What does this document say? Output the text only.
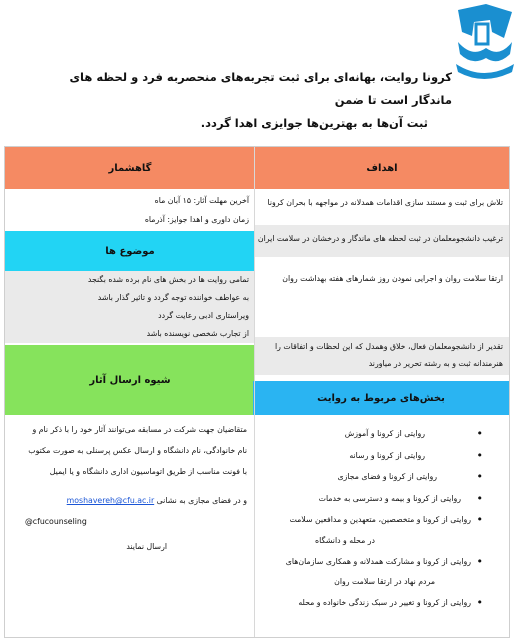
کرونا روایت، بهانه‌ای برای ثبت تجربه‌های منحصربه فرد و لحظه های ماندگار است تا ضمن
ثبت آن‌ها به بهترین‌ها جوایزی اهدا گردد.
اهداف
گاهشمار
تلاش برای ثبت و مستند سازی اقدامات همدلانه در مواجهه با بحران کرونا
ترغیب دانشجومعلمان در ثبت لحظه های ماندگار و درخشان در سلامت ایران
ارتقا سلامت روان و اجرایی نمودن روز شمارهای هفته بهداشت روان
تقدیر از دانشجومعلمان فعال، خلاق وهمدل که این لحظات و اتفاقات را
هنرمندانه ثبت و به رشته تحریر در میاورند
آخرین مهلت آثار: ۱۵ آبان ماه
زمان داوری و اهدا جوایز: آذرماه
موضوع ها
تمامی روایت ها در بخش های نام برده شده بگنجد
به عواطف خواننده توجه گردد و تاثیر گذار باشد
ویراستاری ادبی رعایت گردد
از تجارب شخصی نویسنده باشد
شیوه ارسال آثار
بخش‌های مربوط به روایت
متقاضیان جهت شرکت در مسابقه می‌توانند آثار خود را با ذکر نام و
نام خانوادگی، نام دانشگاه و ارسال عکس پرسنلی به صورت مکتوب
با فونت مناسب از طریق اتوماسیون اداری دانشگاه و یا ایمیل
و در فضای مجازی به نشانی moshavereh@cfu.ac.ir
@cfucounseling
ارسال نمایند
• روایتی از کرونا و آموزش
• روایتی از کرونا و رسانه
• روایتی از کرونا و فضای مجازی
• روایتی از کرونا و بیمه و دسترسی به خدمات
• روایتی از کرونا و متخصصین، متعهدین و مدافعین سلامت
در محله و دانشگاه
• روایتی از کرونا و مشارکت همدلانه و همکاری سازمان‌های
مردم نهاد در ارتقا سلامت روان
• روایتی از کرونا و تغییر در سبک زندگی خانواده و محله
